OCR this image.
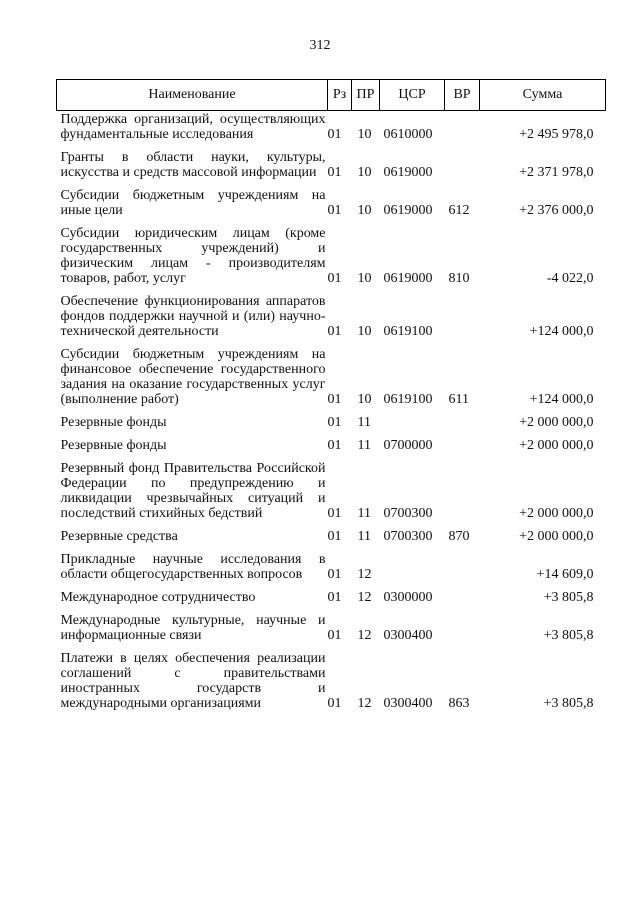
312
Наименование	Рз	ПР	ЦСР	ВР	Сумма
Поддержка организаций, осуществляющих фундаментальные исследования	01	10	0610000		+2 495 978,0
Гранты в области науки, культуры, искусства и средств массовой информации	01	10	0619000		+2 371 978,0
Субсидии бюджетным учреждениям на иные цели	01	10	0619000	612	+2 376 000,0
Субсидии юридическим лицам (кроме государственных учреждений) и физическим лицам - производителям товаров, работ, услуг	01	10	0619000	810	-4 022,0
Обеспечение функционирования аппаратов фондов поддержки научной и (или) научно-технической деятельности	01	10	0619100		+124 000,0
Субсидии бюджетным учреждениям на финансовое обеспечение государственного задания на оказание государственных услуг (выполнение работ)	01	10	0619100	611	+124 000,0
Резервные фонды	01	11			+2 000 000,0
Резервные фонды	01	11	0700000		+2 000 000,0
Резервный фонд Правительства Российской Федерации по предупреждению и ликвидации чрезвычайных ситуаций и последствий стихийных бедствий	01	11	0700300		+2 000 000,0
Резервные средства	01	11	0700300	870	+2 000 000,0
Прикладные научные исследования в области общегосударственных вопросов	01	12			+14 609,0
Международное сотрудничество	01	12	0300000		+3 805,8
Международные культурные, научные и информационные связи	01	12	0300400		+3 805,8
Платежи в целях обеспечения реализации соглашений с правительствами иностранных государств и международными организациями	01	12	0300400	863	+3 805,8
